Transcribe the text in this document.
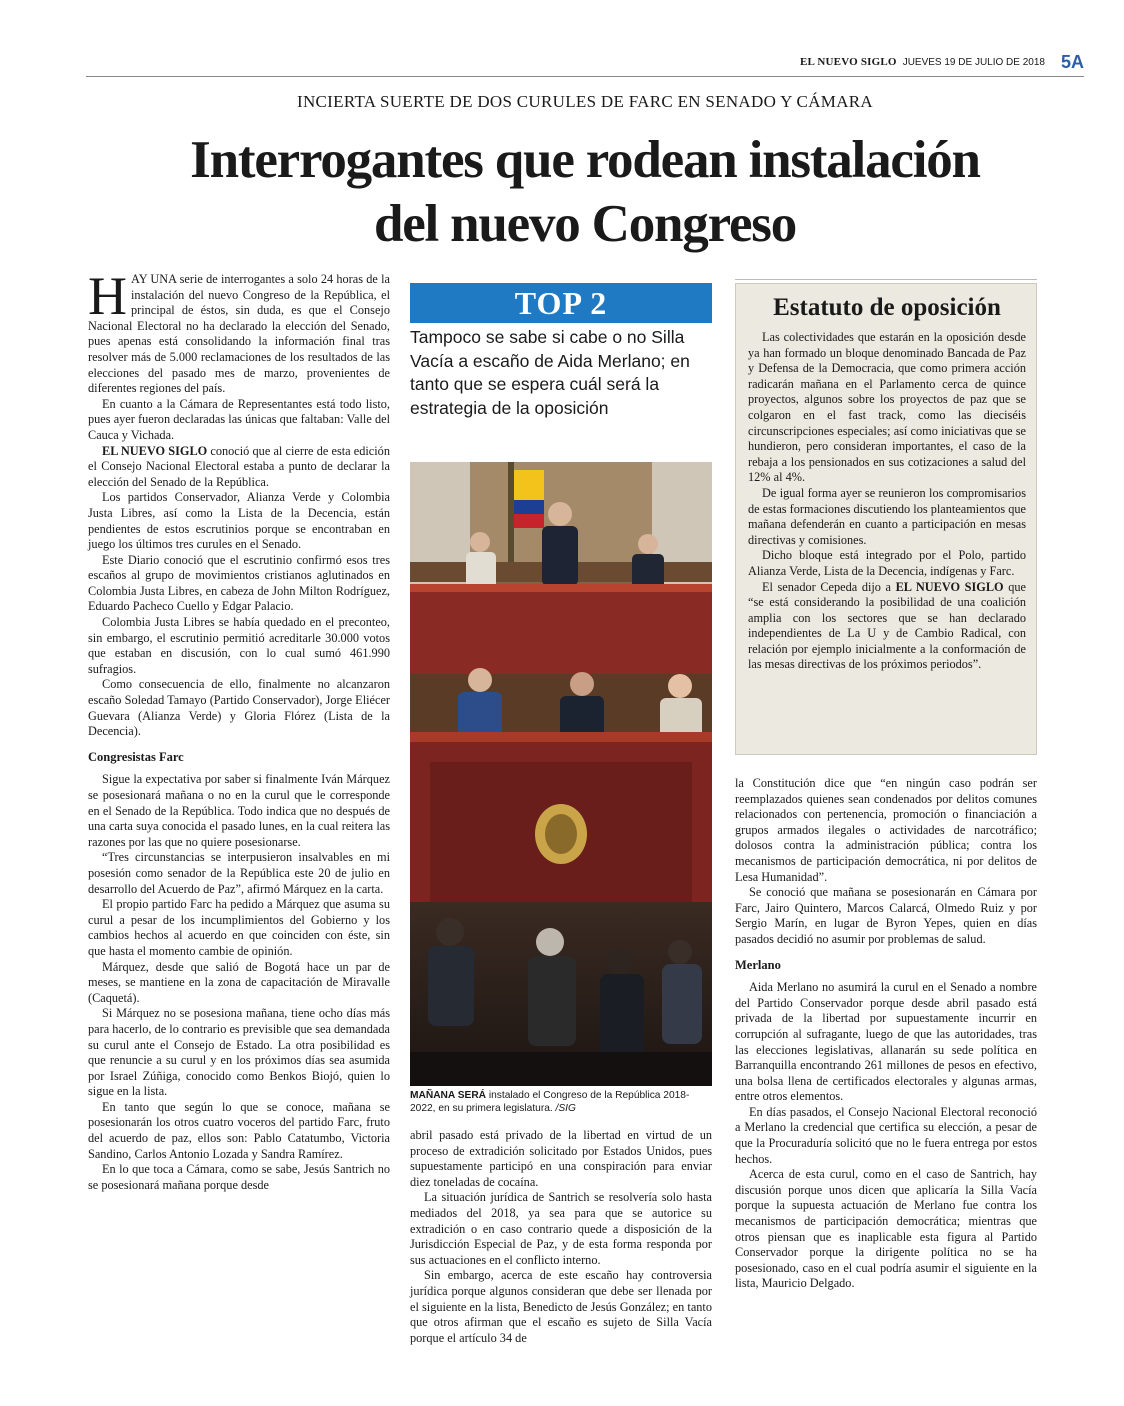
EL NUEVO SIGLO JUEVES 19 DE JULIO DE 2018 5A
INCIERTA SUERTE DE DOS CURULES DE FARC EN SENADO Y CÁMARA
Interrogantes que rodean instalación
del nuevo Congreso

HAY UNA serie de interrogantes a solo 24 horas de la instalación del nuevo Congreso de la República, el principal de éstos, sin duda, es que el Consejo Nacional Electoral no ha declarado la elección del Senado, pues apenas está consolidando la información final tras resolver más de 5.000 reclamaciones de los resultados de las elecciones del pasado mes de marzo, provenientes de diferentes regiones del país.

En cuanto a la Cámara de Representantes está todo listo, pues ayer fueron declaradas las únicas que faltaban: Valle del Cauca y Vichada.

EL NUEVO SIGLO conoció que al cierre de esta edición el Consejo Nacional Electoral estaba a punto de declarar la elección del Senado de la República.

Los partidos Conservador, Alianza Verde y Colombia Justa Libres, así como la Lista de la Decencia, están pendientes de estos escrutinios porque se encontraban en juego los últimos tres curules en el Senado.

Este Diario conoció que el escrutinio confirmó esos tres escaños al grupo de movimientos cristianos aglutinados en Colombia Justa Libres, en cabeza de John Milton Rodríguez, Eduardo Pacheco Cuello y Edgar Palacio.

Colombia Justa Libres se había quedado en el preconteo, sin embargo, el escrutinio permitió acreditarle 30.000 votos que estaban en discusión, con lo cual sumó 461.990 sufragios.

Como consecuencia de ello, finalmente no alcanzaron escaño Soledad Tamayo (Partido Conservador), Jorge Eliécer Guevara (Alianza Verde) y Gloria Flórez (Lista de la Decencia).

Congresistas Farc

Sigue la expectativa por saber si finalmente Iván Márquez se posesionará mañana o no en la curul que le corresponde en el Senado de la República. Todo indica que no después de una carta suya conocida el pasado lunes, en la cual reitera las razones por las que no quiere posesionarse.

“Tres circunstancias se interpusieron insalvables en mi posesión como senador de la República este 20 de julio en desarrollo del Acuerdo de Paz”, afirmó Márquez en la carta.

El propio partido Farc ha pedido a Márquez que asuma su curul a pesar de los incumplimientos del Gobierno y los cambios hechos al acuerdo en que coinciden con éste, sin que hasta el momento cambie de opinión.

Márquez, desde que salió de Bogotá hace un par de meses, se mantiene en la zona de capacitación de Miravalle (Caquetá).

Si Márquez no se posesiona mañana, tiene ocho días más para hacerlo, de lo contrario es previsible que sea demandada su curul ante el Consejo de Estado. La otra posibilidad es que renuncie a su curul y en los próximos días sea asumida por Israel Zúñiga, conocido como Benkos Biojó, quien lo sigue en la lista.

En tanto que según lo que se conoce, mañana se posesionarán los otros cuatro voceros del partido Farc, fruto del acuerdo de paz, ellos son: Pablo Catatumbo, Victoria Sandino, Carlos Antonio Lozada y Sandra Ramírez.

En lo que toca a Cámara, como se sabe, Jesús Santrich no se posesionará mañana porque desde

TOP 2
Tampoco se sabe si cabe o no Silla Vacía a escaño de Aida Merlano; en tanto que se espera cuál será la estrategia de la oposición
MAÑANA SERÁ instalado el Congreso de la República 2018-2022, en su primera legislatura. /SIG

abril pasado está privado de la libertad en virtud de un proceso de extradición solicitado por Estados Unidos, pues supuestamente participó en una conspiración para enviar diez toneladas de cocaína.

La situación jurídica de Santrich se resolvería solo hasta mediados del 2018, ya sea para que se autorice su extradición o en caso contrario quede a disposición de la Jurisdicción Especial de Paz, y de esta forma responda por sus actuaciones en el conflicto interno.

Sin embargo, acerca de este escaño hay controversia jurídica porque algunos consideran que debe ser llenada por el siguiente en la lista, Benedicto de Jesús González; en tanto que otros afirman que el escaño es sujeto de Silla Vacía porque el artículo 34 de

Estatuto de oposición

Las colectividades que estarán en la oposición desde ya han formado un bloque denominado Bancada de Paz y Defensa de la Democracia, que como primera acción radicarán mañana en el Parlamento cerca de quince proyectos, algunos sobre los proyectos de paz que se colgaron en el fast track, como las dieciséis circunscripciones especiales; así como iniciativas que se hundieron, pero consideran importantes, el caso de la rebaja a los pensionados en sus cotizaciones a salud del 12% al 4%.

De igual forma ayer se reunieron los compromisarios de estas formaciones discutiendo los planteamientos que mañana defenderán en cuanto a participación en mesas directivas y comisiones.

Dicho bloque está integrado por el Polo, partido Alianza Verde, Lista de la Decencia, indígenas y Farc.

El senador Cepeda dijo a EL NUEVO SIGLO que “se está considerando la posibilidad de una coalición amplia con los sectores que se han declarado independientes de La U y de Cambio Radical, con relación por ejemplo inicialmente a la conformación de las mesas directivas de los próximos periodos”.

la Constitución dice que “en ningún caso podrán ser reemplazados quienes sean condenados por delitos comunes relacionados con pertenencia, promoción o financiación a grupos armados ilegales o actividades de narcotráfico; dolosos contra la administración pública; contra los mecanismos de participación democrática, ni por delitos de Lesa Humanidad”.

Se conoció que mañana se posesionarán en Cámara por Farc, Jairo Quintero, Marcos Calarcá, Olmedo Ruiz y por Sergio Marín, en lugar de Byron Yepes, quien en días pasados decidió no asumir por problemas de salud.

Merlano

Aida Merlano no asumirá la curul en el Senado a nombre del Partido Conservador porque desde abril pasado está privada de la libertad por supuestamente incurrir en corrupción al sufragante, luego de que las autoridades, tras las elecciones legislativas, allanarán su sede política en Barranquilla encontrando 261 millones de pesos en efectivo, una bolsa llena de certificados electorales y algunas armas, entre otros elementos.

En días pasados, el Consejo Nacional Electoral reconoció a Merlano la credencial que certifica su elección, a pesar de que la Procuraduría solicitó que no le fuera entrega por estos hechos.

Acerca de esta curul, como en el caso de Santrich, hay discusión porque unos dicen que aplicaría la Silla Vacía porque la supuesta actuación de Merlano fue contra los mecanismos de participación democrática; mientras que otros piensan que es inaplicable esta figura al Partido Conservador porque la dirigente política no se ha posesionado, caso en el cual podría asumir el siguiente en la lista, Mauricio Delgado.
